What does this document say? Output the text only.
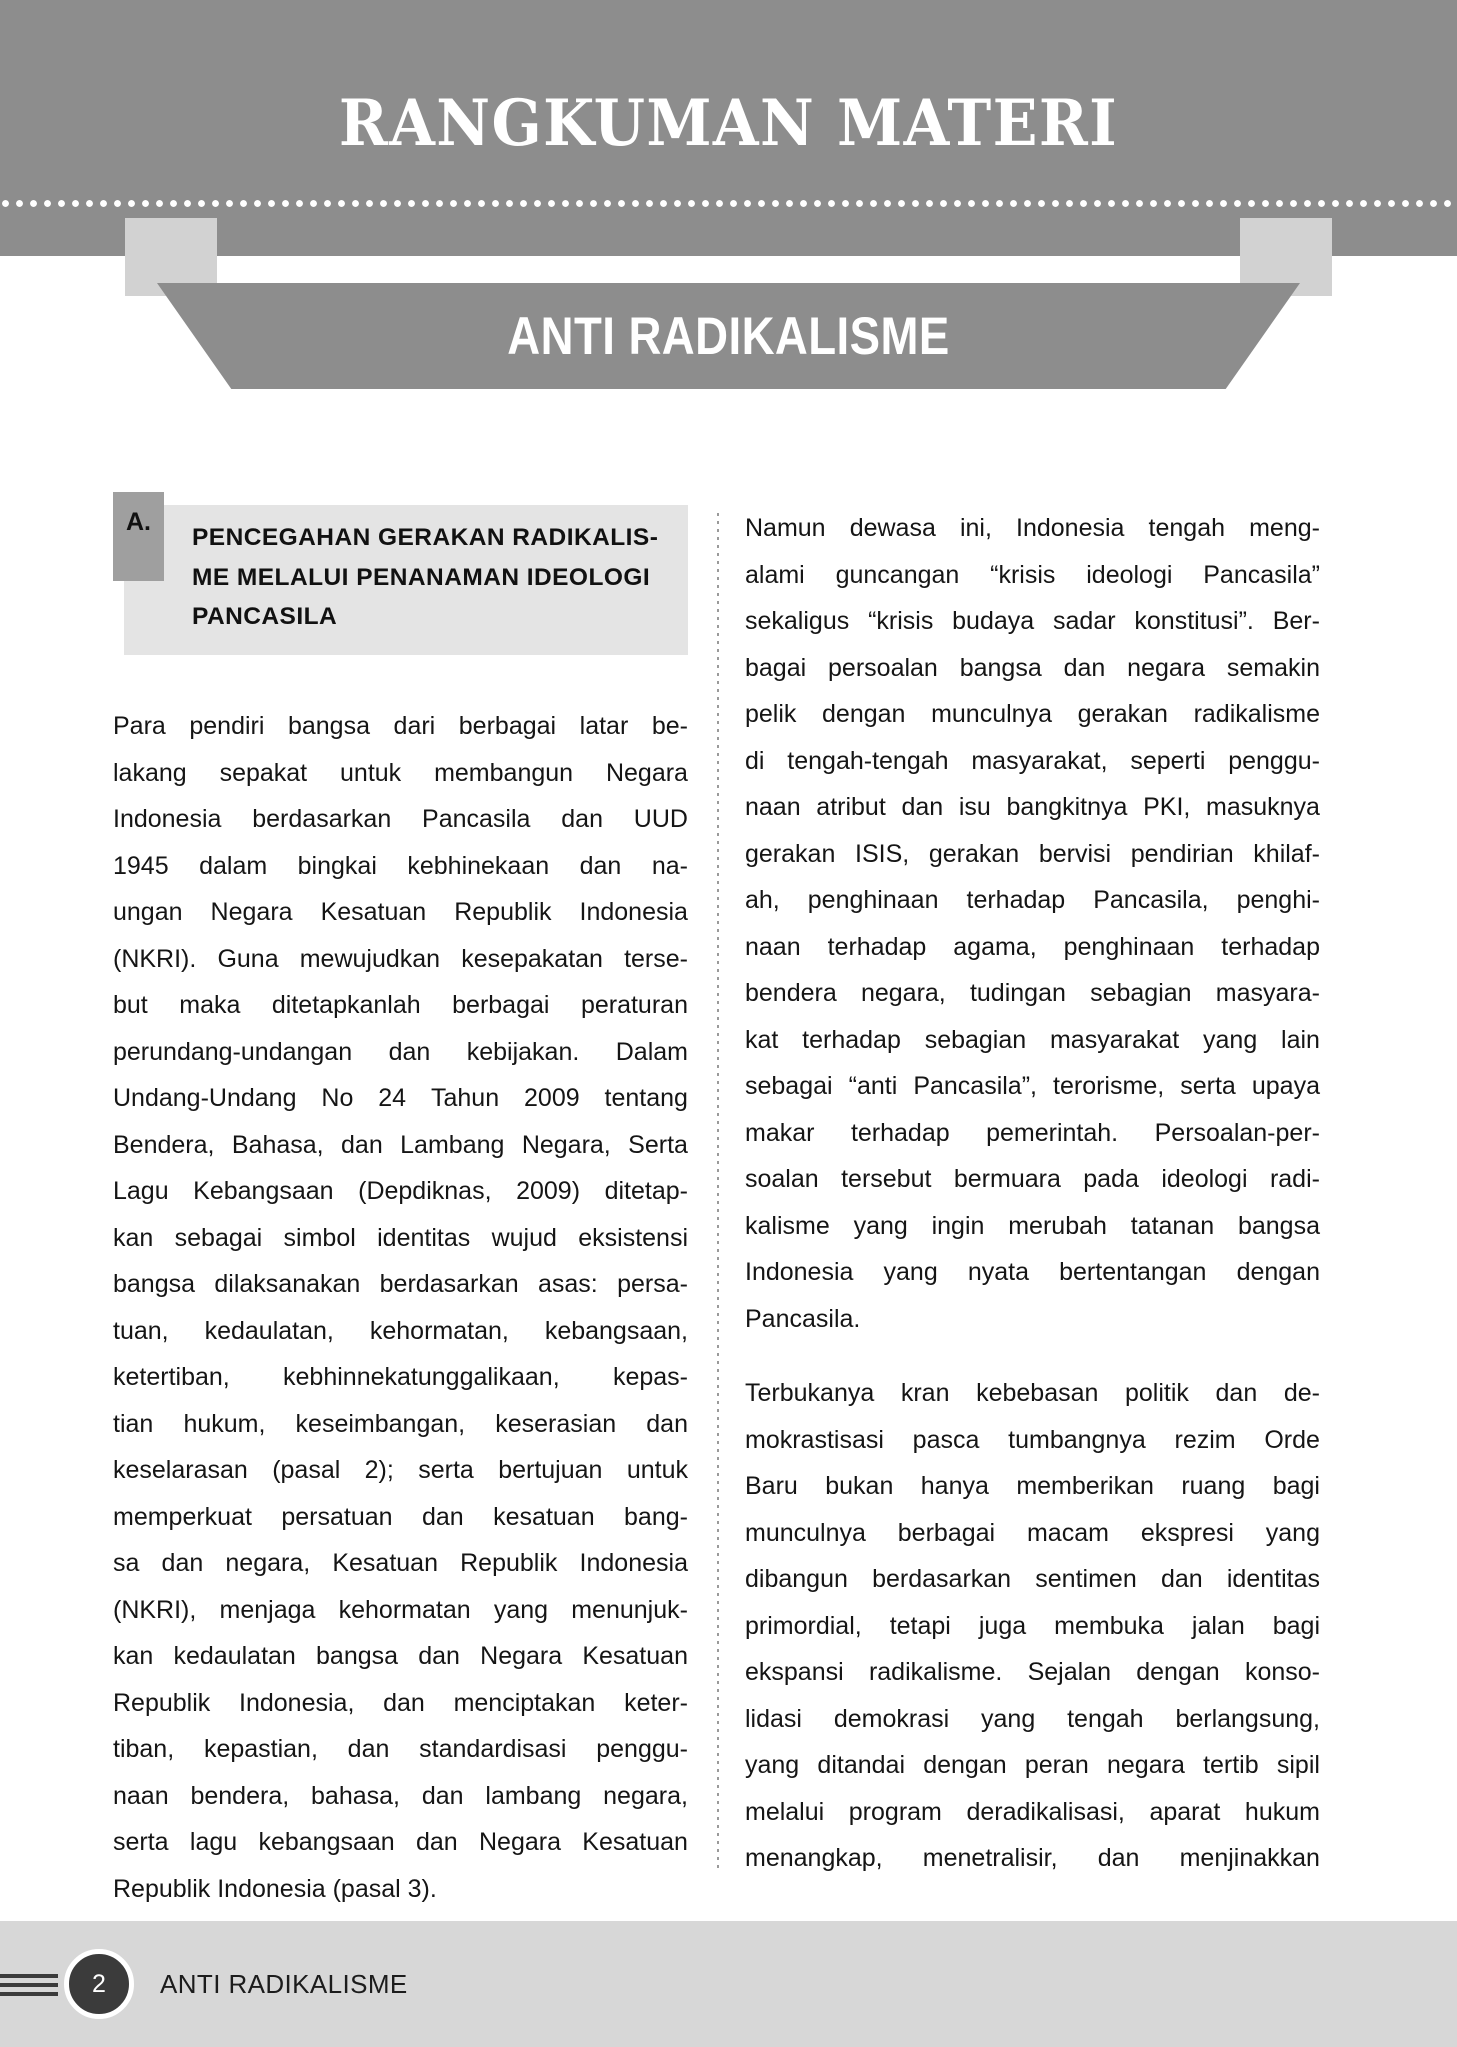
RANGKUMAN MATERI
ANTI RADIKALISME
A.
PENCEGAHAN GERAKAN RADIKALIS-
ME MELALUI PENANAMAN IDEOLOGI
PANCASILA

Para pendiri bangsa dari berbagai latar be-
lakang sepakat untuk membangun Negara
Indonesia berdasarkan Pancasila dan UUD
1945 dalam bingkai kebhinekaan dan na-
ungan Negara Kesatuan Republik Indonesia
(NKRI). Guna mewujudkan kesepakatan terse-
but maka ditetapkanlah berbagai peraturan
perundang-undangan dan kebijakan. Dalam
Undang-Undang No 24 Tahun 2009 tentang
Bendera, Bahasa, dan Lambang Negara, Serta
Lagu Kebangsaan (Depdiknas, 2009) ditetap-
kan sebagai simbol identitas wujud eksistensi
bangsa dilaksanakan berdasarkan asas: persa-
tuan, kedaulatan, kehormatan, kebangsaan,
ketertiban, kebhinnekatunggalikaan, kepas-
tian hukum, keseimbangan, keserasian dan
keselarasan (pasal 2); serta bertujuan untuk
memperkuat persatuan dan kesatuan bang-
sa dan negara, Kesatuan Republik Indonesia
(NKRI), menjaga kehormatan yang menunjuk-
kan kedaulatan bangsa dan Negara Kesatuan
Republik Indonesia, dan menciptakan keter-
tiban, kepastian, dan standardisasi penggu-
naan bendera, bahasa, dan lambang negara,
serta lagu kebangsaan dan Negara Kesatuan
Republik Indonesia (pasal 3).

Namun dewasa ini, Indonesia tengah meng-
alami guncangan “krisis ideologi Pancasila”
sekaligus “krisis budaya sadar konstitusi”. Ber-
bagai persoalan bangsa dan negara semakin
pelik dengan munculnya gerakan radikalisme
di tengah-tengah masyarakat, seperti penggu-
naan atribut dan isu bangkitnya PKI, masuknya
gerakan ISIS, gerakan bervisi pendirian khilaf-
ah, penghinaan terhadap Pancasila, penghi-
naan terhadap agama, penghinaan terhadap
bendera negara, tudingan sebagian masyara-
kat terhadap sebagian masyarakat yang lain
sebagai “anti Pancasila”, terorisme, serta upaya
makar terhadap pemerintah. Persoalan-per-
soalan tersebut bermuara pada ideologi radi-
kalisme yang ingin merubah tatanan bangsa
Indonesia yang nyata bertentangan dengan
Pancasila.

Terbukanya kran kebebasan politik dan de-
mokrastisasi pasca tumbangnya rezim Orde
Baru bukan hanya memberikan ruang bagi
munculnya berbagai macam ekspresi yang
dibangun berdasarkan sentimen dan identitas
primordial, tetapi juga membuka jalan bagi
ekspansi radikalisme. Sejalan dengan konso-
lidasi demokrasi yang tengah berlangsung,
yang ditandai dengan peran negara tertib sipil
melalui program deradikalisasi, aparat hukum
menangkap, menetralisir, dan menjinakkan

2	ANTI RADIKALISME
